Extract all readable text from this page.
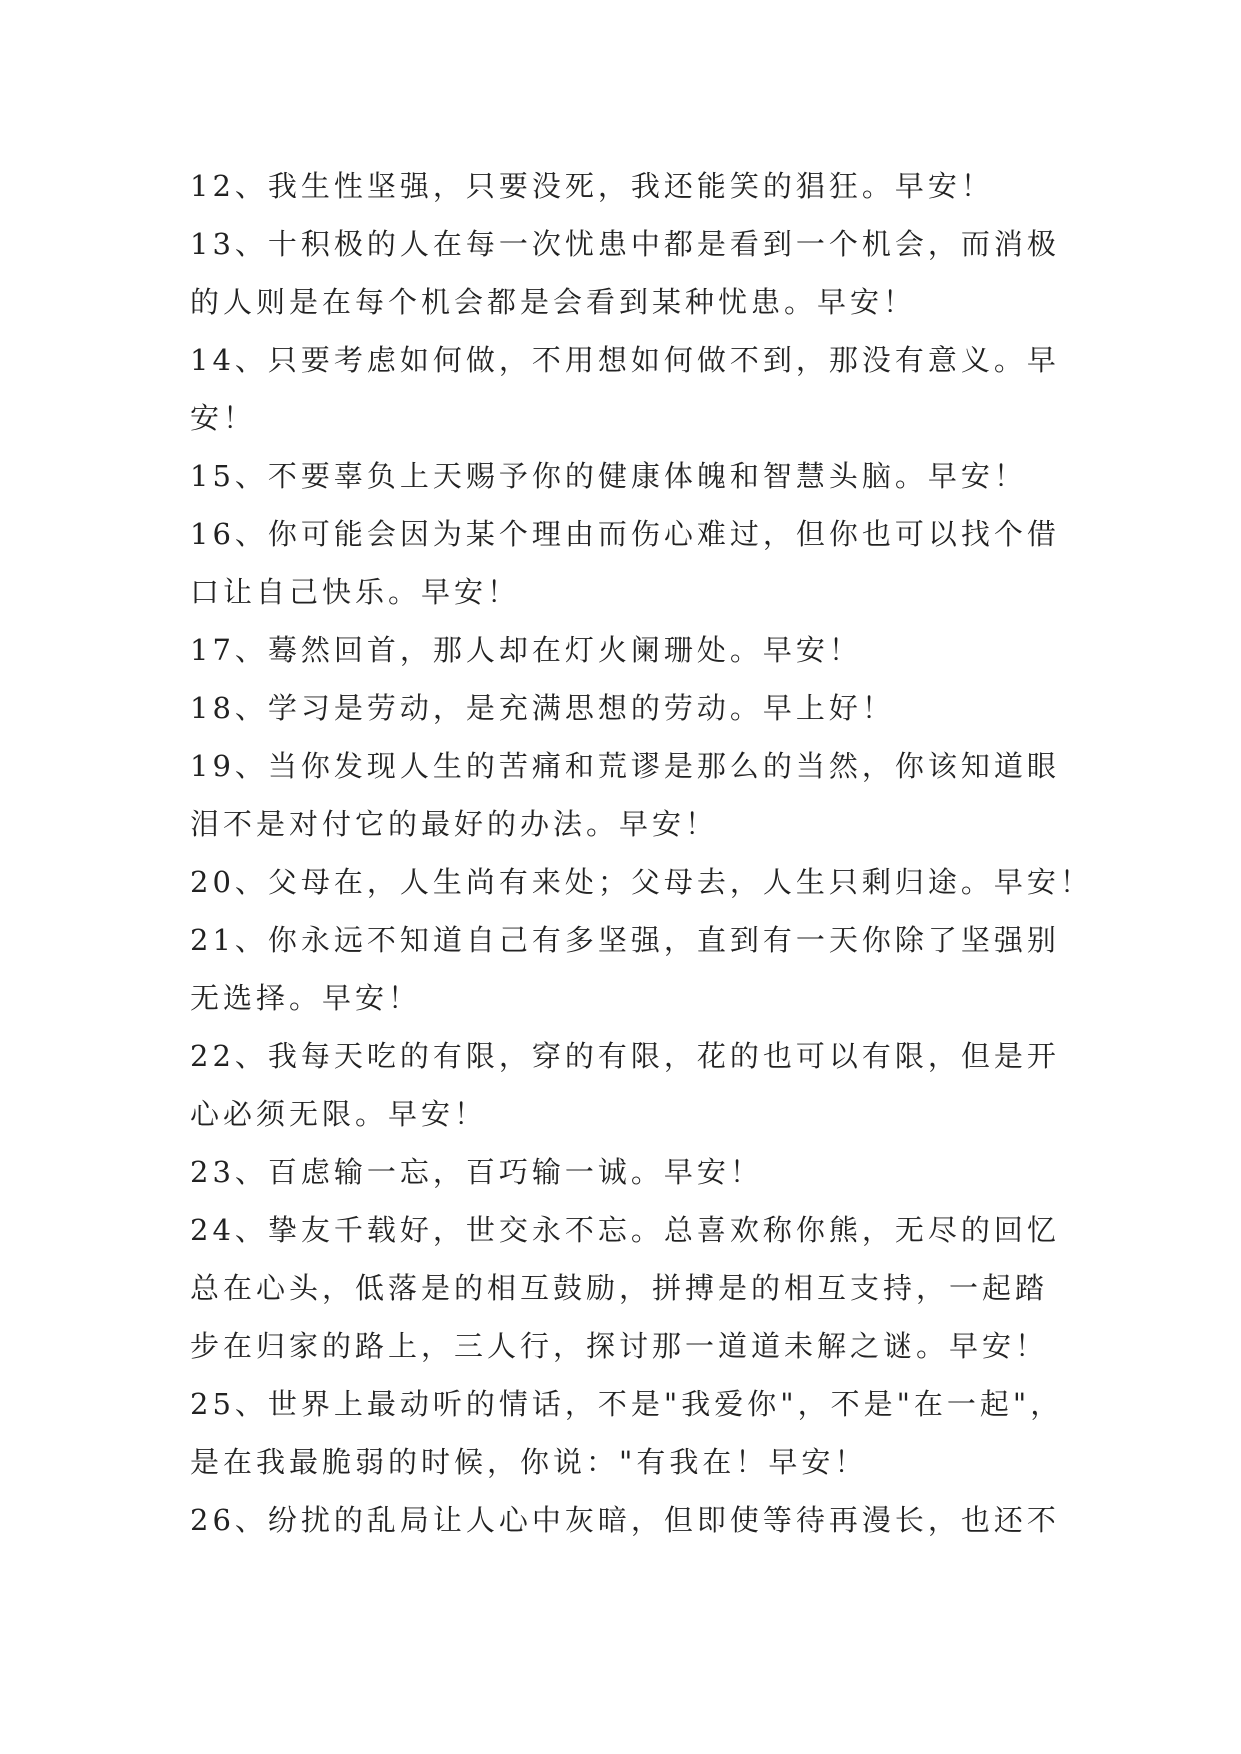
12、我生性坚强，只要没死，我还能笑的猖狂。早安！
13、十积极的人在每一次忧患中都是看到一个机会，而消极
的人则是在每个机会都是会看到某种忧患。早安！
14、只要考虑如何做，不用想如何做不到，那没有意义。早
安！
15、不要辜负上天赐予你的健康体魄和智慧头脑。早安！
16、你可能会因为某个理由而伤心难过，但你也可以找个借
口让自己快乐。早安！
17、蓦然回首，那人却在灯火阑珊处。早安！
18、学习是劳动，是充满思想的劳动。早上好！
19、当你发现人生的苦痛和荒谬是那么的当然，你该知道眼
泪不是对付它的最好的办法。早安！
20、父母在，人生尚有来处；父母去，人生只剩归途。早安！
21、你永远不知道自己有多坚强，直到有一天你除了坚强别
无选择。早安！
22、我每天吃的有限，穿的有限，花的也可以有限，但是开
心必须无限。早安！
23、百虑输一忘，百巧输一诚。早安！
24、挚友千载好，世交永不忘。总喜欢称你熊，无尽的回忆
总在心头，低落是的相互鼓励，拼搏是的相互支持，一起踏
步在归家的路上，三人行，探讨那一道道未解之谜。早安！
25、世界上最动听的情话，不是"我爱你"，不是"在一起"，
是在我最脆弱的时候，你说："有我在！早安！
26、纷扰的乱局让人心中灰暗，但即使等待再漫长，也还不
